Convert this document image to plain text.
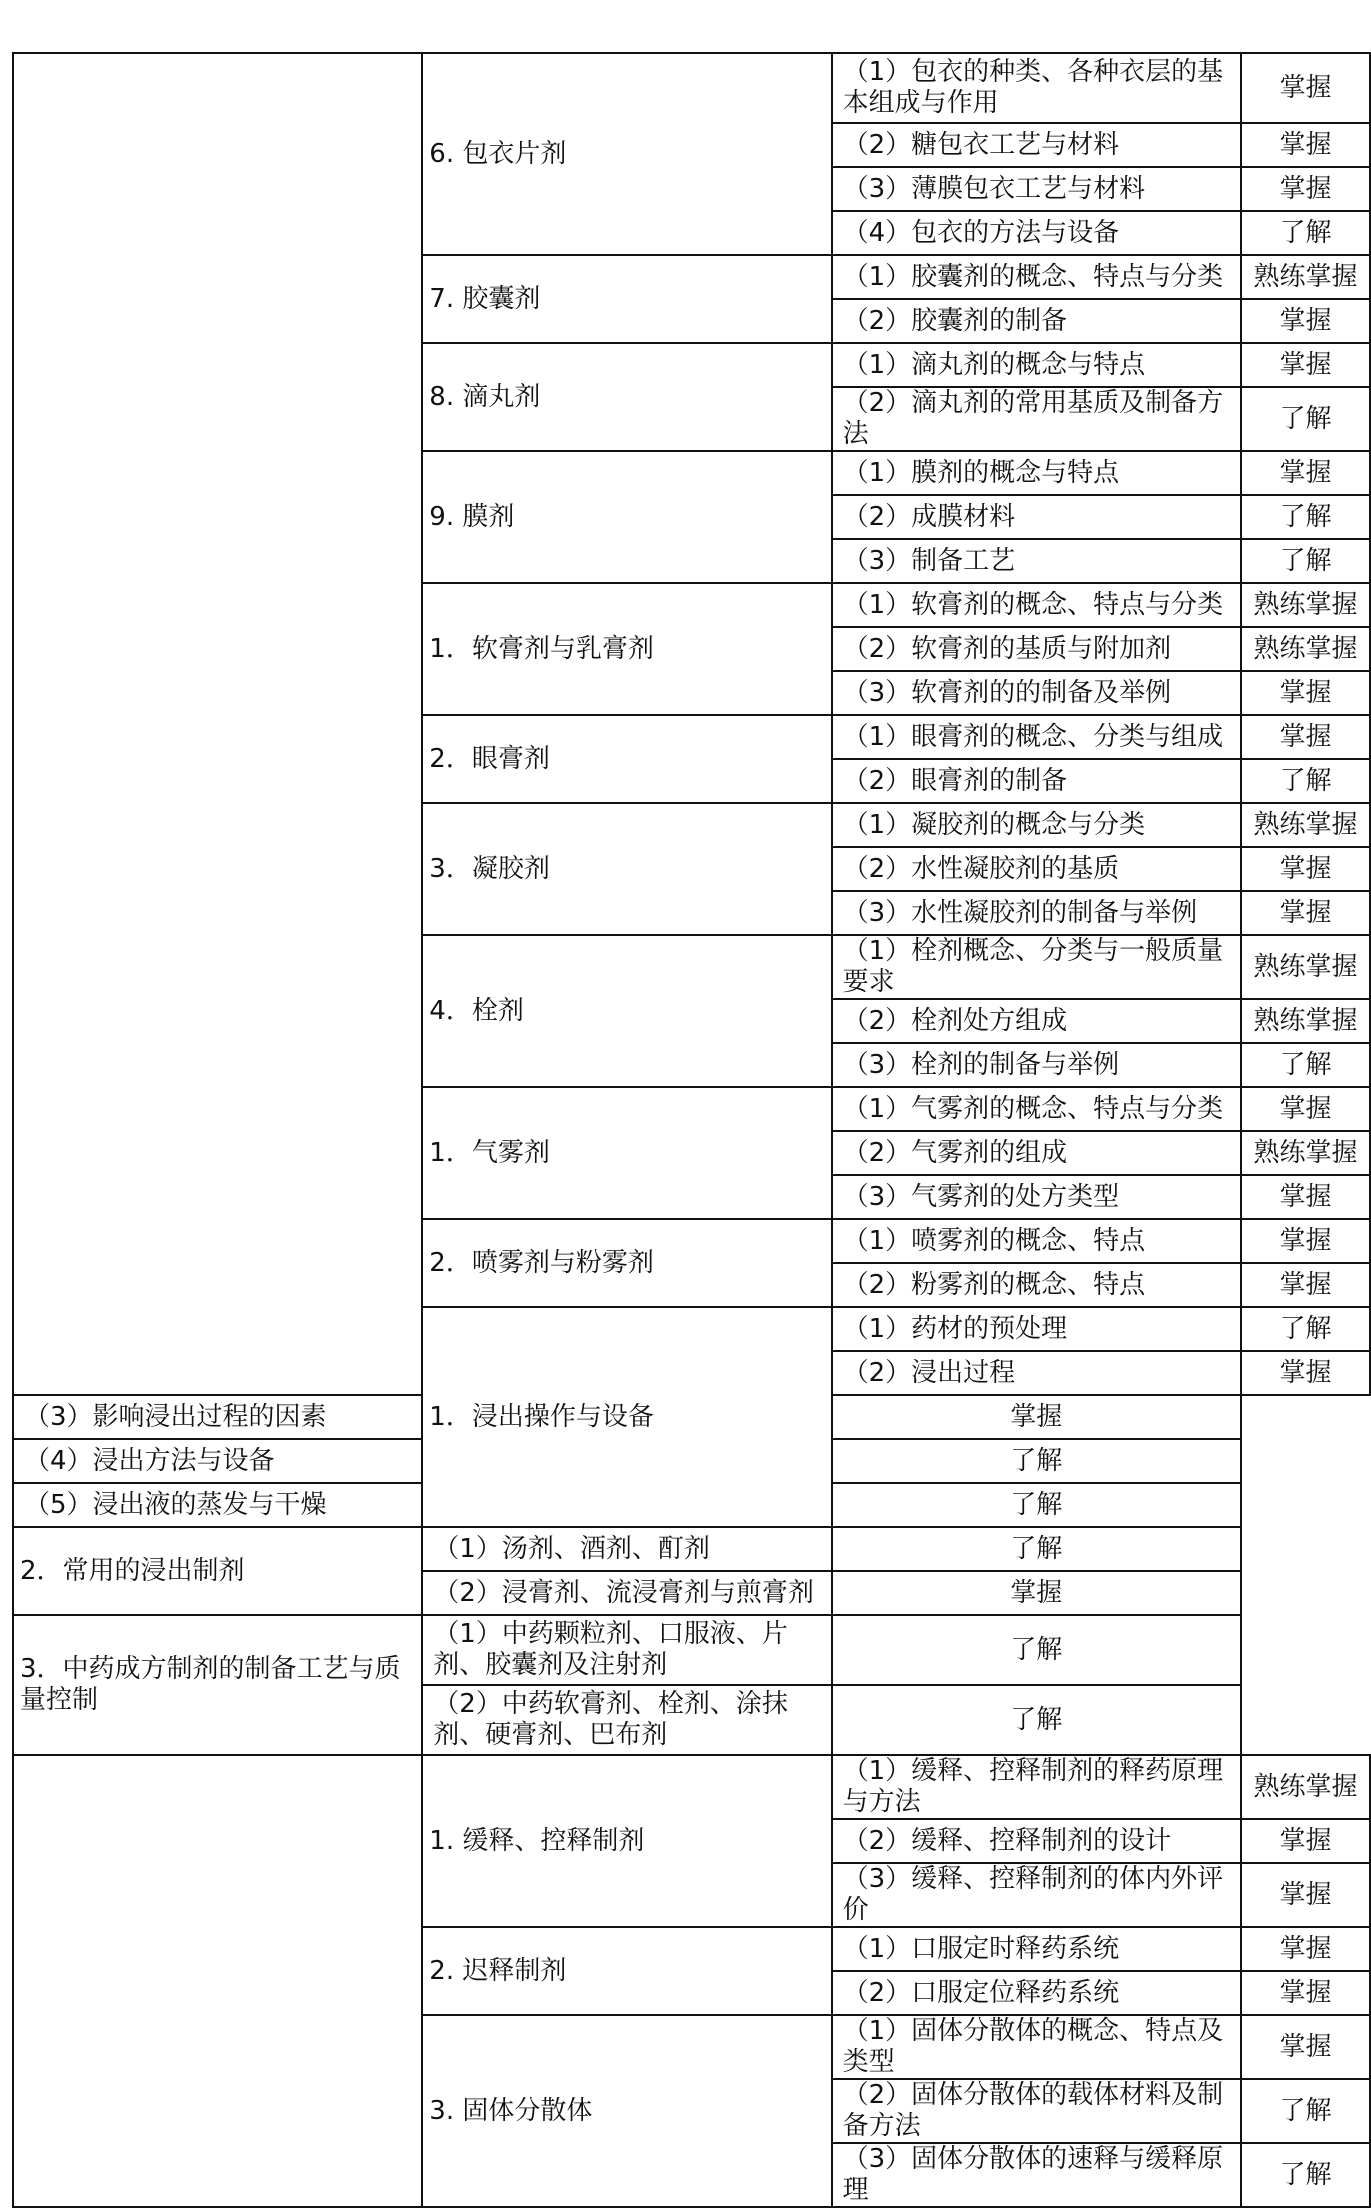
	6. 包衣片剂	（1）包衣的种类、各种衣层的基本组成与作用	掌握
		（2）糖包衣工艺与材料	掌握
		（3）薄膜包衣工艺与材料	掌握
		（4）包衣的方法与设备	了解
	7. 胶囊剂	（1）胶囊剂的概念、特点与分类	熟练掌握
		（2）胶囊剂的制备	掌握
	8. 滴丸剂	（1）滴丸剂的概念与特点	掌握
		（2）滴丸剂的常用基质及制备方法	了解
	9. 膜剂	（1）膜剂的概念与特点	掌握
		（2）成膜材料	了解
		（3）制备工艺	了解
	1．软膏剂与乳膏剂	（1）软膏剂的概念、特点与分类	熟练掌握
		（2）软膏剂的基质与附加剂	熟练掌握
		（3）软膏剂的的制备及举例	掌握
	2．眼膏剂	（1）眼膏剂的概念、分类与组成	掌握
		（2）眼膏剂的制备	了解
	3．凝胶剂	（1）凝胶剂的概念与分类	熟练掌握
		（2）水性凝胶剂的基质	掌握
		（3）水性凝胶剂的制备与举例	掌握
	4．栓剂	（1）栓剂概念、分类与一般质量要求	熟练掌握
		（2）栓剂处方组成	熟练掌握
		（3）栓剂的制备与举例	了解
	1．气雾剂	（1）气雾剂的概念、特点与分类	掌握
		（2）气雾剂的组成	熟练掌握
		（3）气雾剂的处方类型	掌握
	2．喷雾剂与粉雾剂	（1）喷雾剂的概念、特点	掌握
		（2）粉雾剂的概念、特点	掌握
	1．浸出操作与设备	（1）药材的预处理	了解
		（2）浸出过程	掌握
（3）影响浸出过程的因素		掌握	
（4）浸出方法与设备		了解	
（5）浸出液的蒸发与干燥		了解	
2．常用的浸出制剂	（1）汤剂、酒剂、酊剂	了解	
	（2）浸膏剂、流浸膏剂与煎膏剂	掌握	
3．中药成方制剂的制备工艺与质量控制	（1）中药颗粒剂、口服液、片剂、胶囊剂及注射剂	了解	
	（2）中药软膏剂、栓剂、涂抹剂、硬膏剂、巴布剂	了解	
	1. 缓释、控释制剂	（1）缓释、控释制剂的释药原理与方法	熟练掌握
		（2）缓释、控释制剂的设计	掌握
		（3）缓释、控释制剂的体内外评价	掌握
	2. 迟释制剂	（1）口服定时释药系统	掌握
		（2）口服定位释药系统	掌握
	3. 固体分散体	（1）固体分散体的概念、特点及类型	掌握
		（2）固体分散体的载体材料及制备方法	了解
		（3）固体分散体的速释与缓释原理	了解
